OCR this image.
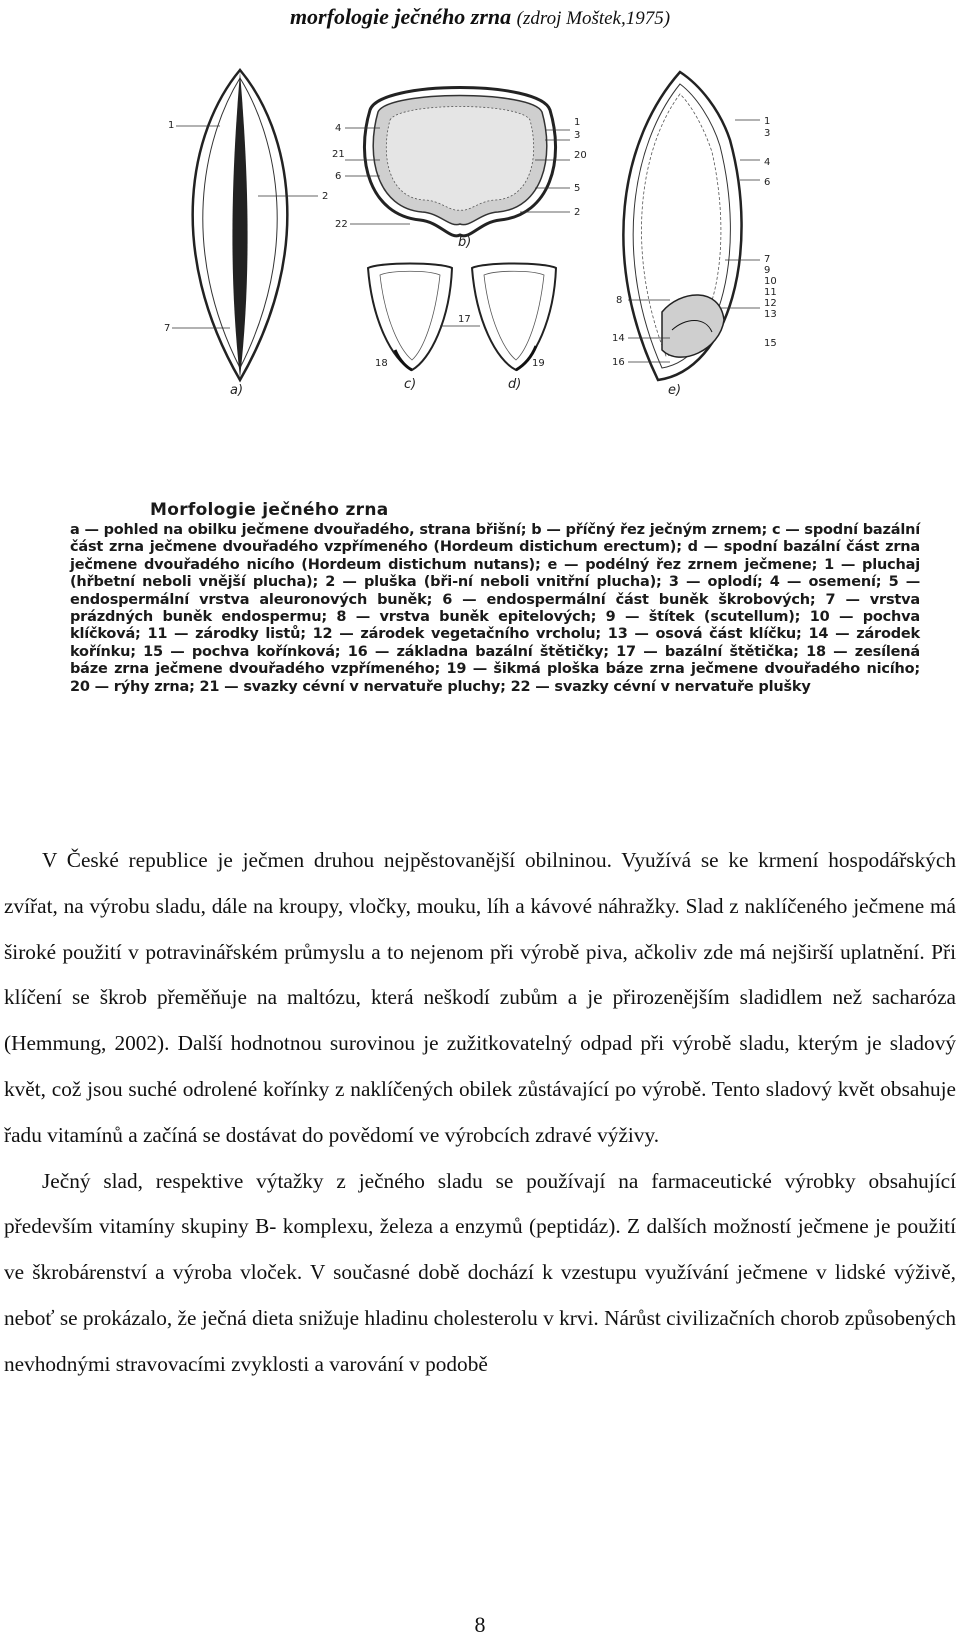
morfologie ječného zrna (zdroj Moštek,1975)
1
2
7
a)
4
21
6
22
1
3
20
5
2
b)
17
18	19
c)	d)
1
3
4
6
7
9
10
11
12
13
8
14	15
16
e)
Morfologie ječného zrna
a — pohled na obilku ječmene dvouřadého, strana břišní; b — příčný řez ječným zrnem; c — spodní bazální část zrna ječmene dvouřadého vzpřímeného (Hordeum distichum erectum); d — spodní bazální část zrna ječmene dvouřadého nicího (Hordeum distichum nutans); e — podélný řez zrnem ječmene; 1 — pluchaj (hřbetní neboli vnější plucha); 2 — pluška (bři-ní neboli vnitřní plucha); 3 — oplodí; 4 — osemení; 5 — endospermální vrstva aleuronových buněk; 6 — endospermální část buněk škrobových; 7 — vrstva prázdných buněk endospermu; 8 — vrstva buněk epitelových; 9 — štítek (scutellum); 10 — pochva klíčková; 11 — zárodky listů; 12 — zárodek vegetačního vrcholu; 13 — osová část klíčku; 14 — zárodek kořínku; 15 — pochva kořínková; 16 — základna bazální štětičky; 17 — bazální štětička; 18 — zesílená báze zrna ječmene dvouřadého vzpřímeného; 19 — šikmá ploška báze zrna ječmene dvouřadého nicího; 20 — rýhy zrna; 21 — svazky cévní v nervatuře pluchy; 22 — svazky cévní v nervatuře plušky

V České republice je ječmen druhou nejpěstovanější obilninou. Využívá se ke krmení hospodářských zvířat, na výrobu sladu, dále na kroupy, vločky, mouku, líh a kávové náhražky. Slad z naklíčeného ječmene má široké použití v potravinářském průmyslu a to nejenom při výrobě piva, ačkoliv zde má nejširší uplatnění. Při klíčení se škrob přeměňuje na maltózu, která neškodí zubům a je přirozenějším sladidlem než sacharóza (Hemmung, 2002). Další hodnotnou surovinou je zužitkovatelný odpad při výrobě sladu, kterým je sladový květ, což jsou suché odrolené kořínky z naklíčených obilek zůstávající po výrobě. Tento sladový květ obsahuje řadu vitamínů a začíná se dostávat do povědomí ve výrobcích zdravé výživy.

Ječný slad, respektive výtažky z ječného sladu se používají na farmaceutické výrobky obsahující především vitamíny skupiny B- komplexu, železa a enzymů (peptidáz). Z dalších možností ječmene je použití ve škrobárenství a výroba vloček. V současné době dochází k vzestupu využívání ječmene v lidské výživě, neboť se prokázalo, že ječná dieta snižuje hladinu cholesterolu v krvi. Nárůst civilizačních chorob způsobených nevhodnými stravovacími zvyklosti a varování v podobě

8
